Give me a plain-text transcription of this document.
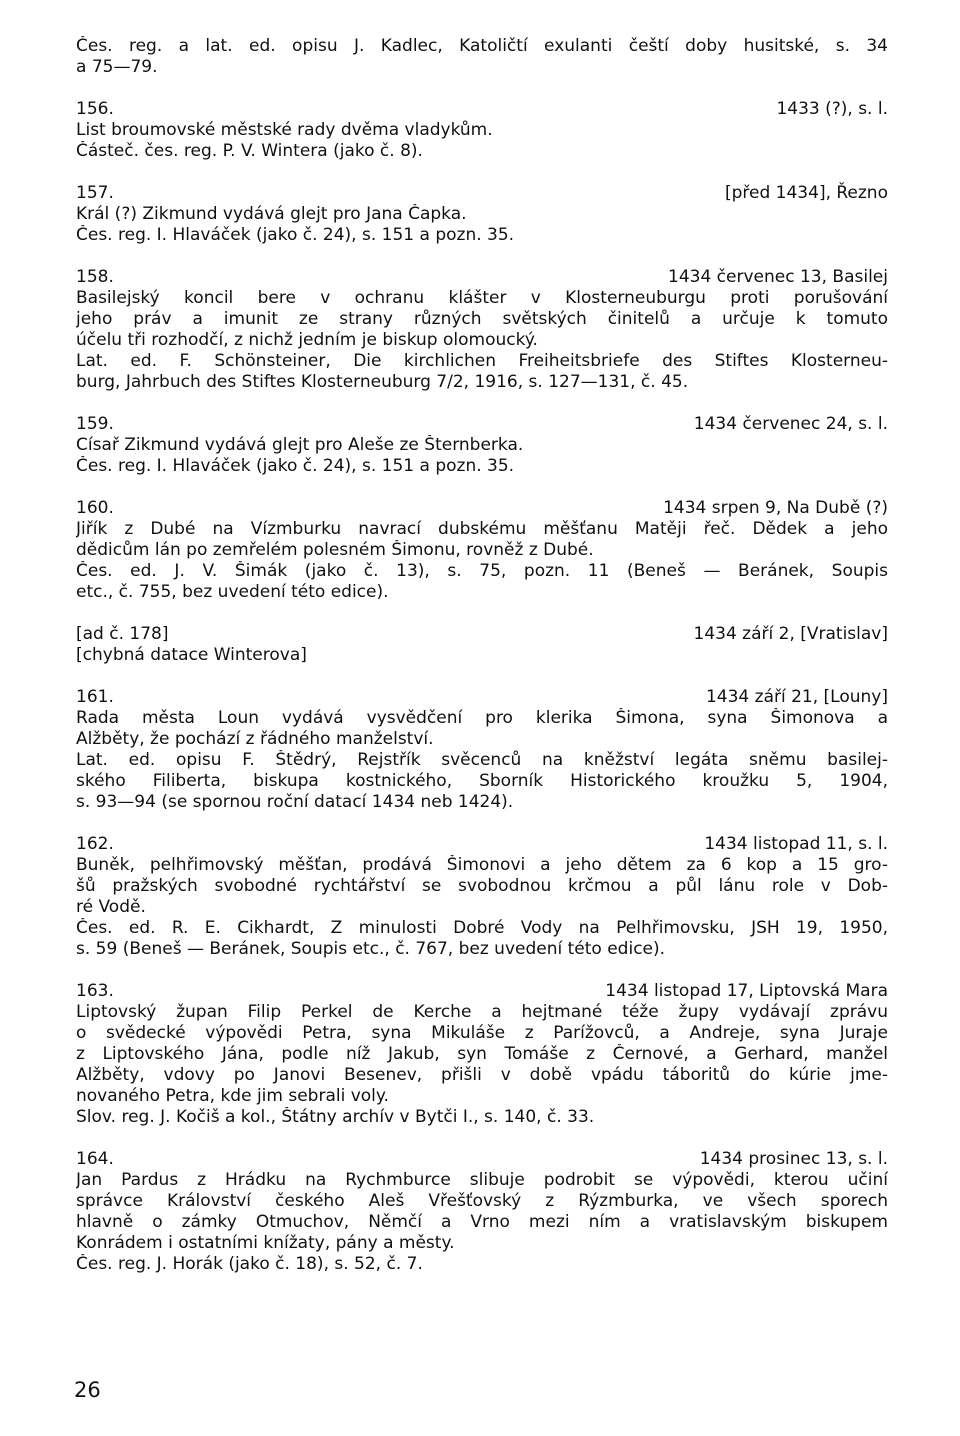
Čes. reg. a lat. ed. opisu J. Kadlec, Katoličtí exulanti čeští doby husitské, s. 34
a 75—79.
156.	1433 (?), s. l.
List broumovské městské rady dvěma vladykům.
Částeč. čes. reg. P. V. Wintera (jako č. 8).
157.	[před 1434], Řezno
Král (?) Zikmund vydává glejt pro Jana Čapka.
Čes. reg. I. Hlaváček (jako č. 24), s. 151 a pozn. 35.
158.	1434 červenec 13, Basilej
Basilejský koncil bere v ochranu klášter v Klosterneuburgu proti porušování
jeho práv a imunit ze strany různých světských činitelů a určuje k tomuto
účelu tři rozhodčí, z nichž jedním je biskup olomoucký.
Lat. ed. F. Schönsteiner, Die kirchlichen Freiheitsbriefe des Stiftes Klosterneu-
burg, Jahrbuch des Stiftes Klosterneuburg 7/2, 1916, s. 127—131, č. 45.
159.	1434 červenec 24, s. l.
Císař Zikmund vydává glejt pro Aleše ze Šternberka.
Čes. reg. I. Hlaváček (jako č. 24), s. 151 a pozn. 35.
160.	1434 srpen 9, Na Dubě (?)
Jiřík z Dubé na Vízmburku navrací dubskému měšťanu Matěji řeč. Dědek a jeho
dědicům lán po zemřelém polesném Šimonu, rovněž z Dubé.
Čes. ed. J. V. Šimák (jako č. 13), s. 75, pozn. 11 (Beneš — Beránek, Soupis
etc., č. 755, bez uvedení této edice).
[ad č. 178]	1434 září 2, [Vratislav]
[chybná datace Winterova]
161.	1434 září 21, [Louny]
Rada města Loun vydává vysvědčení pro klerika Šimona, syna Šimonova a
Alžběty, že pochází z řádného manželství.
Lat. ed. opisu F. Štědrý, Rejstřík svěcenců na kněžství legáta sněmu basilej-
ského Filiberta, biskupa kostnického, Sborník Historického kroužku 5, 1904,
s. 93—94 (se spornou roční datací 1434 neb 1424).
162.	1434 listopad 11, s. l.
Buněk, pelhřimovský měšťan, prodává Šimonovi a jeho dětem za 6 kop a 15 gro-
šů pražských svobodné rychtářství se svobodnou krčmou a půl lánu role v Dob-
ré Vodě.
Čes. ed. R. E. Cikhardt, Z minulosti Dobré Vody na Pelhřimovsku, JSH 19, 1950,
s. 59 (Beneš — Beránek, Soupis etc., č. 767, bez uvedení této edice).
163.	1434 listopad 17, Liptovská Mara
Liptovský župan Filip Perkel de Kerche a hejtmané téže župy vydávají zprávu
o svědecké výpovědi Petra, syna Mikuláše z Parížovců, a Andreje, syna Juraje
z Liptovského Jána, podle níž Jakub, syn Tomáše z Černové, a Gerhard, manžel
Alžběty, vdovy po Janovi Besenev, přišli v době vpádu táboritů do kúrie jme-
novaného Petra, kde jim sebrali voly.
Slov. reg. J. Kočiš a kol., Štátny archív v Bytči I., s. 140, č. 33.
164.	1434 prosinec 13, s. l.
Jan Pardus z Hrádku na Rychmburce slibuje podrobit se výpovědi, kterou učiní
správce Království českého Aleš Vřešťovský z Rýzmburka, ve všech sporech
hlavně o zámky Otmuchov, Němčí a Vrno mezi ním a vratislavským biskupem
Konrádem i ostatními knížaty, pány a městy.
Čes. reg. J. Horák (jako č. 18), s. 52, č. 7.
26
